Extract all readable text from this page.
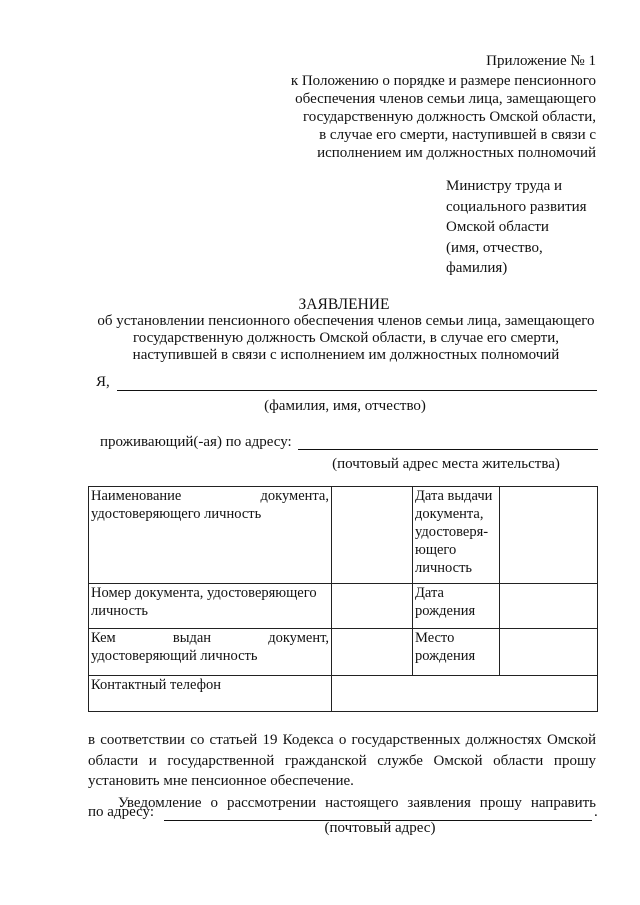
Приложение № 1
к Положению о порядке и размере пенсионного
обеспечения членов семьи лица, замещающего
государственную должность Омской области,
в случае его смерти, наступившей в связи с
исполнением им должностных полномочий
Министру труда и
социального развития
Омской области
(имя, отчество,
фамилия)
ЗАЯВЛЕНИЕ
об установлении пенсионного обеспечения членов семьи лица, замещающего
государственную должность Омской области, в случае его смерти,
наступившей в связи с исполнением им должностных полномочий
Я,
(фамилия, имя, отчество)
проживающий(-ая) по адресу:
(почтовый адрес места жительства)
Наименование документа,
удостоверяющего личность		Дата выдачи документа, удостоверя-ющего личность	

Номер документа, удостоверяющего личность		Дата рождения	

Кем выдан документ,
удостоверяющий личность		Место рождения	

Контактный телефон			

в соответствии со статьей 19 Кодекса о государственных должностях Омской области и государственной гражданской службе Омской области прошу установить мне пенсионное обеспечение.
Уведомление о рассмотрении настоящего заявления прошу направить
по адресу:	.
(почтовый адрес)
